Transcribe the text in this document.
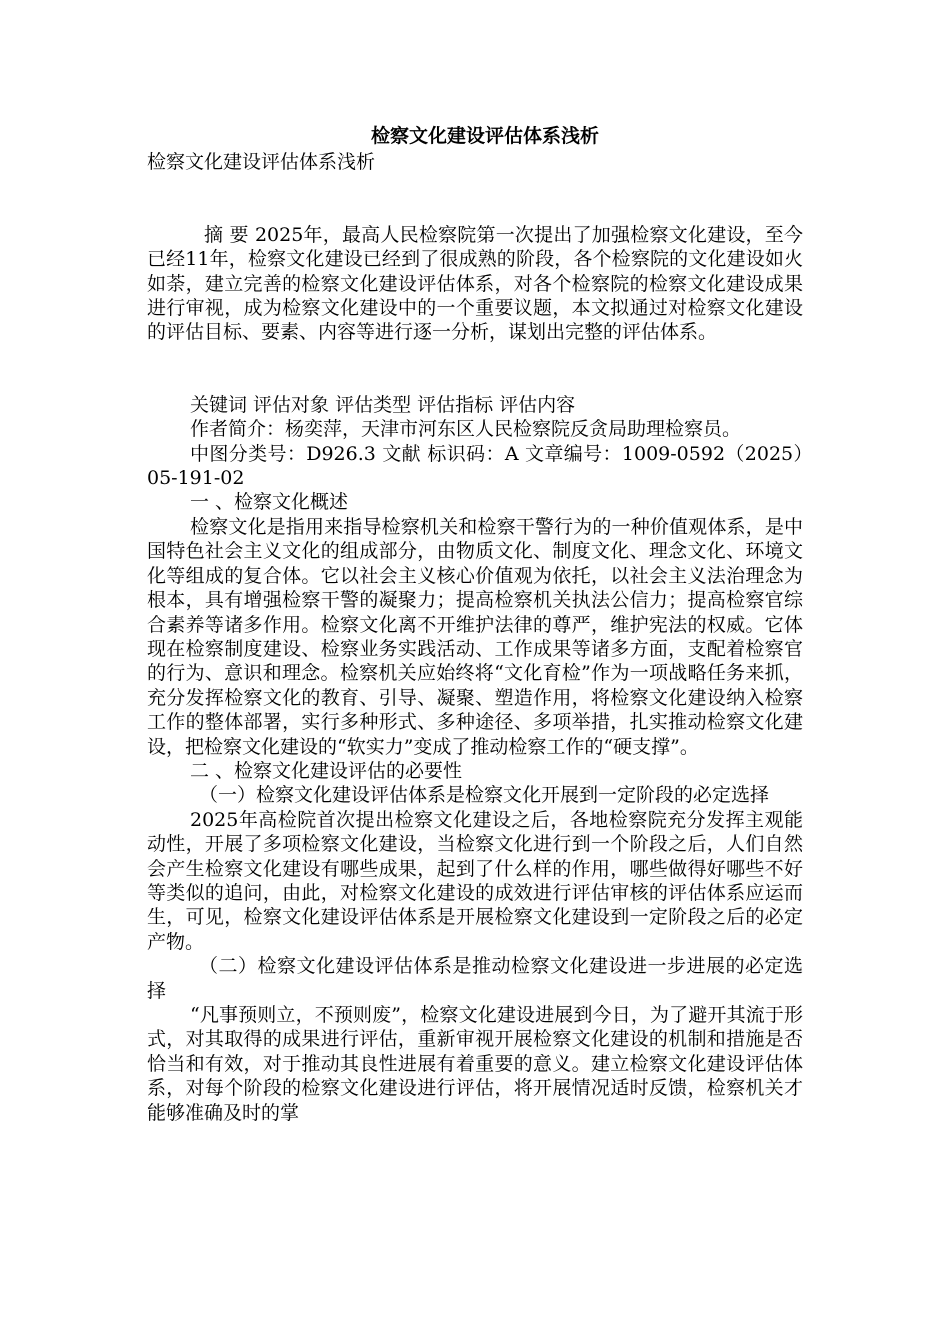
检察文化建设评估体系浅析

检察文化建设评估体系浅析

摘 要 2025年，最高人民检察院第一次提出了加强检察文化建设，至今已经11年，检察文化建设已经到了很成熟的阶段，各个检察院的文化建设如火如荼，建立完善的检察文化建设评估体系，对各个检察院的检察文化建设成果进行审视，成为检察文化建设中的一个重要议题，本文拟通过对检察文化建设的评估目标、要素、内容等进行逐一分析，谋划出完整的评估体系。

关键词 评估对象 评估类型 评估指标 评估内容

作者简介：杨奕萍，天津市河东区人民检察院反贪局助理检察员。

中图分类号：D926.3 文献 标识码：A 文章编号：1009-0592（2025）05-191-02

一 、检察文化概述

检察文化是指用来指导检察机关和检察干警行为的一种价值观体系，是中国特色社会主义文化的组成部分，由物质文化、制度文化、理念文化、环境文化等组成的复合体。它以社会主义核心价值观为依托，以社会主义法治理念为根本，具有增强检察干警的凝聚力；提高检察机关执法公信力；提高检察官综合素养等诸多作用。检察文化离不开维护法律的尊严，维护宪法的权威。它体现在检察制度建设、检察业务实践活动、工作成果等诸多方面，支配着检察官的行为、意识和理念。检察机关应始终将“文化育检”作为一项战略任务来抓，充分发挥检察文化的教育、引导、凝聚、塑造作用，将检察文化建设纳入检察工作的整体部署，实行多种形式、多种途径、多项举措，扎实推动检察文化建设，把检察文化建设的“软实力”变成了推动检察工作的“硬支撑”。

二 、检察文化建设评估的必要性

（一）检察文化建设评估体系是检察文化开展到一定阶段的必定选择

2025年高检院首次提出检察文化建设之后，各地检察院充分发挥主观能动性，开展了多项检察文化建设，当检察文化进行到一个阶段之后，人们自然会产生检察文化建设有哪些成果，起到了什么样的作用，哪些做得好哪些不好等类似的追问，由此，对检察文化建设的成效进行评估审核的评估体系应运而生，可见，检察文化建设评估体系是开展检察文化建设到一定阶段之后的必定产物。

（二）检察文化建设评估体系是推动检察文化建设进一步进展的必定选择

“凡事预则立，不预则废”，检察文化建设进展到今日，为了避开其流于形式，对其取得的成果进行评估，重新审视开展检察文化建设的机制和措施是否恰当和有效，对于推动其良性进展有着重要的意义。建立检察文化建设评估体系，对每个阶段的检察文化建设进行评估，将开展情况适时反馈，检察机关才能够准确及时的掌
